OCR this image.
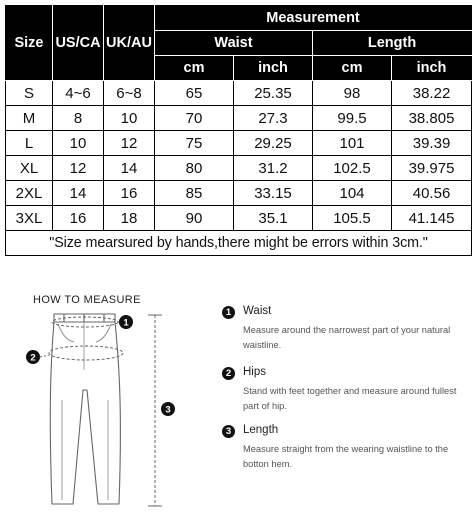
Size	US/CA	UK/AU	Measurement			
			Waist		Length	
			cm	inch	cm	inch
S	4~6	6~8	65	25.35	98	38.22
M	8	10	70	27.3	99.5	38.805
L	10	12	75	29.25	101	39.39
XL	12	14	80	31.2	102.5	39.975
2XL	14	16	85	33.15	104	40.56
3XL	16	18	90	35.1	105.5	41.145
"Size mearsured by hands,there might be errors within 3cm."						
HOW TO MEASURE
1
2
3
1	Waist
Measure around the narrowest part of your natural waistline.
2	Hips
Stand with feet together and measure around fullest part of hip.
3	Length
Measure straight from the wearing waistline to the botton hem.
